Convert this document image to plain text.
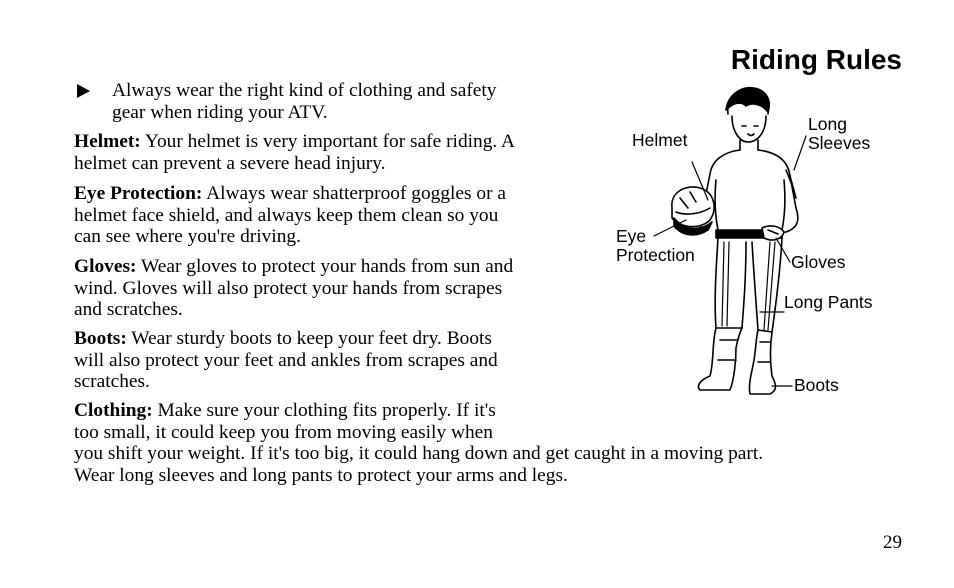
Riding Rules
Always wear the right kind of clothing and safety
gear when riding your ATV.
Helmet: Your helmet is very important for safe riding. A
helmet can prevent a severe head injury.
Eye Protection: Always wear shatterproof goggles or a
helmet face shield, and always keep them clean so you
can see where you're driving.
Gloves: Wear gloves to protect your hands from sun and
wind. Gloves will also protect your hands from scrapes
and scratches.
Boots: Wear sturdy boots to keep your feet dry. Boots
will also protect your feet and ankles from scrapes and
scratches.
Clothing: Make sure your clothing fits properly. If it's
too small, it could keep you from moving easily when
you shift your weight. If it's too big, it could hang down and get caught in a moving part.
Wear long sleeves and long pants to protect your arms and legs.
Helmet
Long
Sleeves
Eye
Protection	Gloves
Long Pants
Boots
29
